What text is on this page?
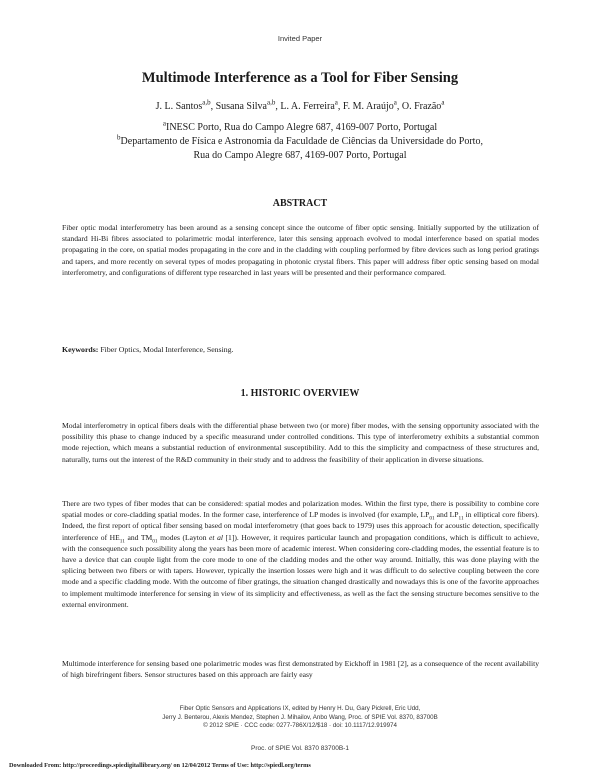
Invited Paper
Multimode Interference as a Tool for Fiber Sensing
J. L. Santos$^{a,b}$, Susana Silva$^{a,b}$, L. A. Ferreira$^a$, F. M. Araújo$^a$, O. Frazão$^a$
$^a$INESC Porto, Rua do Campo Alegre 687, 4169-007 Porto, Portugal
$^b$Departamento de Física e Astronomia da Faculdade de Ciências da Universidade do Porto,
Rua do Campo Alegre 687, 4169-007 Porto, Portugal
ABSTRACT
Fiber optic modal interferometry has been around as a sensing concept since the outcome of fiber optic sensing. Initially supported by the utilization of standard Hi-Bi fibres associated to polarimetric modal interference, later this sensing approach evolved to modal interference based on spatial modes propagating in the core, on spatial modes propagating in the core and in the cladding with coupling performed by fibre devices such as long period gratings and tapers, and more recently on several types of modes propagating in photonic crystal fibers. This paper will address fiber optic sensing based on modal interferometry, and configurations of different type researched in last years will be presented and their performance compared.
Keywords: Fiber Optics, Modal Interference, Sensing.
1. HISTORIC OVERVIEW
Modal interferometry in optical fibers deals with the differential phase between two (or more) fiber modes, with the sensing opportunity associated with the possibility this phase to change induced by a specific measurand under controlled conditions. This type of interferometry exhibits a substantial common mode rejection, which means a substantial reduction of environmental susceptibility. Add to this the simplicity and compactness of these structures and, naturally, turns out the interest of the R&D community in their study and to address the feasibility of their application in diverse situations.
There are two types of fiber modes that can be considered: spatial modes and polarization modes. Within the first type, there is possibility to combine core spatial modes or core-cladding spatial modes. In the former case, interference of LP modes is involved (for example, $LP_{01}$ and $LP_{11}$ in elliptical core fibers). Indeed, the first report of optical fiber sensing based on modal interferometry (that goes back to 1979) uses this approach for acoustic detection, specifically interference of $HE_{11}$ and $TM_{01}$ modes (Layton et al [1]). However, it requires particular launch and propagation conditions, which is difficult to achieve, with the consequence such possibility along the years has been more of academic interest. When considering core-cladding modes, the essential feature is to have a device that can couple light from the core mode to one of the cladding modes and the other way around. Initially, this was done playing with the splicing between two fibers or with tapers. However, typically the insertion losses were high and it was difficult to do selective coupling between the core mode and a specific cladding mode. With the outcome of fiber gratings, the situation changed drastically and nowadays this is one of the favorite approaches to implement multimode interference for sensing in view of its simplicity and effectiveness, as well as the fact the sensing structure becomes sensitive to the external environment.
Multimode interference for sensing based one polarimetric modes was first demonstrated by Eickhoff in 1981 [2], as a consequence of the recent availability of high birefringent fibers. Sensor structures based on this approach are fairly easy
Fiber Optic Sensors and Applications IX, edited by Henry H. Du, Gary Pickrell, Eric Udd,
Jerry J. Benterou, Alexis Mendez, Stephen J. Mihailov, Anbo Wang, Proc. of SPIE Vol. 8370, 83700B
© 2012 SPIE · CCC code: 0277-786X/12/$18 · doi: 10.1117/12.919974
Proc. of SPIE Vol. 8370 83700B-1
Downloaded From: http://proceedings.spiedigitallibrary.org/ on 12/04/2012 Terms of Use: http://spiedl.org/terms
